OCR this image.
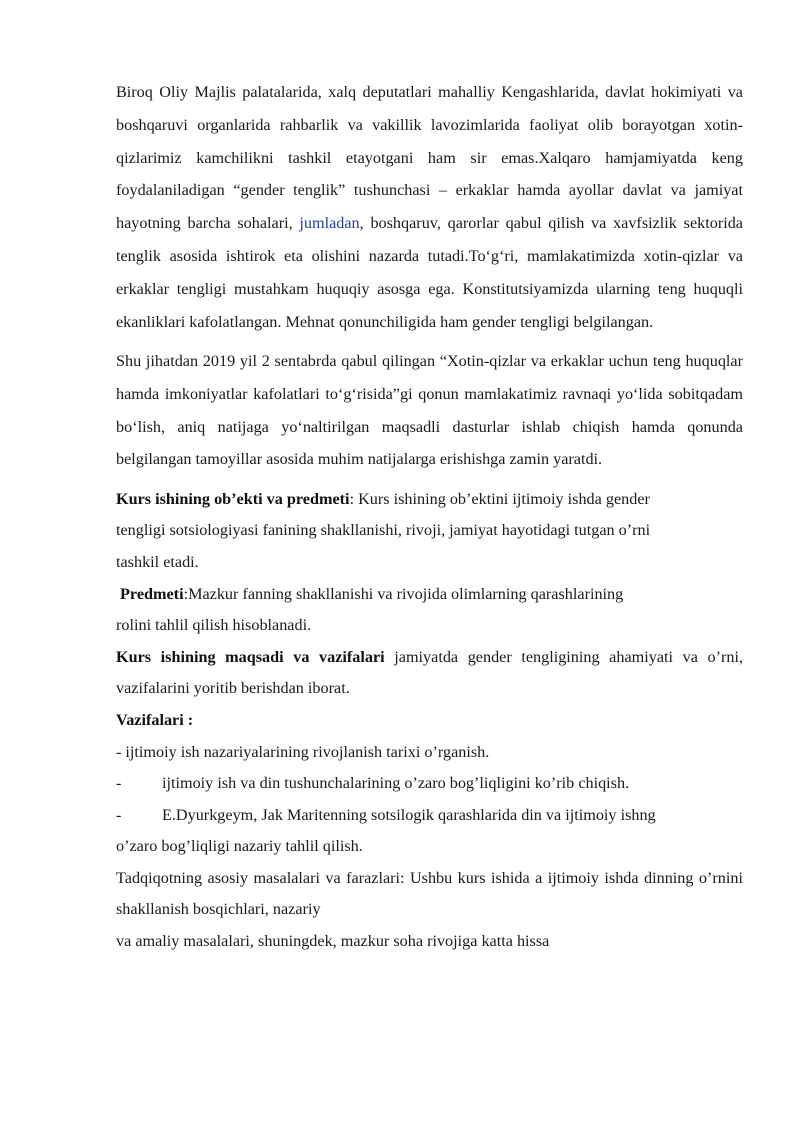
Biroq Oliy Majlis palatalarida, xalq deputatlari mahalliy Kengashlarida, davlat hokimiyati va boshqaruvi organlarida rahbarlik va vakillik lavozimlarida faoliyat olib borayotgan xotin-qizlarimiz kamchilikni tashkil etayotgani ham sir emas.Xalqaro hamjamiyatda keng foydalaniladigan “gender tenglik” tushunchasi – erkaklar hamda ayollar davlat va jamiyat hayotning barcha sohalari, jumladan, boshqaruv, qarorlar qabul qilish va xavfsizlik sektorida tenglik asosida ishtirok eta olishini nazarda tutadi.To‘g‘ri, mamlakatimizda xotin-qizlar va erkaklar tengligi mustahkam huquqiy asosga ega. Konstitutsiyamizda ularning teng huquqli ekanliklari kafolatlangan. Mehnat qonunchiligida ham gender tengligi belgilangan.

Shu jihatdan 2019 yil 2 sentabrda qabul qilingan “Xotin-qizlar va erkaklar uchun teng huquqlar hamda imkoniyatlar kafolatlari to‘g‘risida”gi qonun mamlakatimiz ravnaqi yo‘lida sobitqadam bo‘lish, aniq natijaga yo‘naltirilgan maqsadli dasturlar ishlab chiqish hamda qonunda belgilangan tamoyillar asosida muhim natijalarga erishishga zamin yaratdi.

Kurs ishining ob’ekti va predmeti: Kurs ishining ob’ektini ijtimoiy ishda gender
tengligi sotsiologiyasi fanining shakllanishi, rivoji, jamiyat hayotidagi tutgan o’rni
tashkil etadi.
Predmeti:Mazkur fanning shakllanishi va rivojida olimlarning qarashlarining
rolini tahlil qilish hisoblanadi.

Kurs ishining maqsadi va vazifalari jamiyatda gender tengligining ahamiyati va o’rni, vazifalarini yoritib berishdan iborat.

Vazifalari :

- ijtimoiy ish nazariyalarining rivojlanish tarixi o’rganish.

-	ijtimoiy ish va din tushunchalarining o’zaro bog’liqligini ko’rib chiqish.
-	E.Dyurkgeym, Jak Maritenning sotsilogik qarashlarida din va ijtimoiy ishng
o’zaro bog’liqligi nazariy tahlil qilish.

Tadqiqotning asosiy masalalari va farazlari: Ushbu kurs ishida a ijtimoiy ishda dinning o’rnini shakllanish bosqichlari, nazariy
va amaliy masalalari, shuningdek, mazkur soha rivojiga katta hissa
